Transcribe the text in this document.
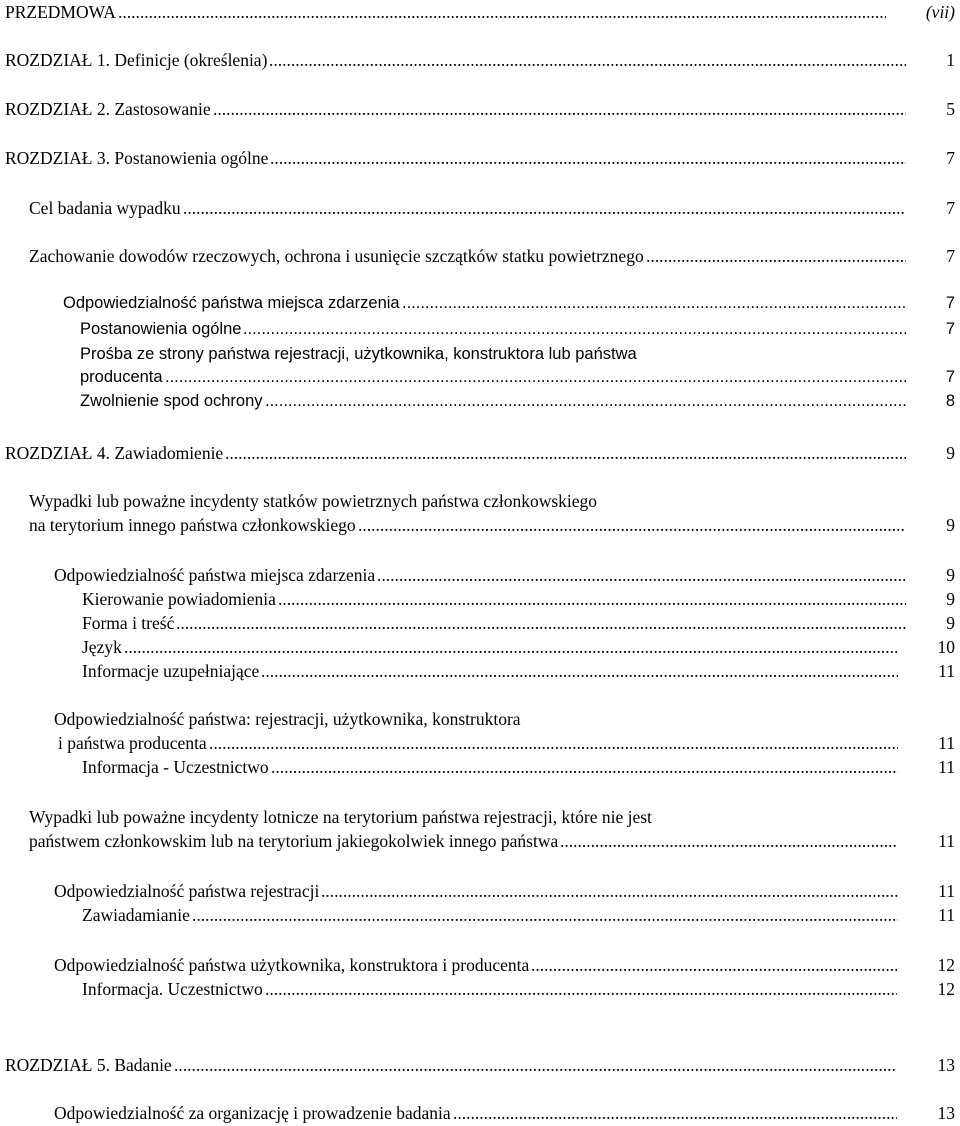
PRZEDMOWA .....	(vii)
ROZDZIAŁ 1. Definicje (określenia) .....	1
ROZDZIAŁ 2. Zastosowanie .....	5
ROZDZIAŁ 3. Postanowienia ogólne .....	7
Cel badania wypadku .....	7
Zachowanie dowodów rzeczowych, ochrona i usunięcie szczątków statku powietrznego .....	7
Odpowiedzialność państwa miejsca zdarzenia .....	7
Postanowienia ogólne .....	7
Prośba ze strony państwa rejestracji, użytkownika, konstruktora lub państwa
producenta .....	7
Zwolnienie spod ochrony .....	8
ROZDZIAŁ 4. Zawiadomienie .....	9
Wypadki lub poważne incydenty statków powietrznych państwa członkowskiego
na terytorium innego państwa członkowskiego .....	9
Odpowiedzialność państwa miejsca zdarzenia .....	9
Kierowanie powiadomienia .....	9
Forma i treść .....	9
Język .....	10
Informacje uzupełniające .....	11
Odpowiedzialność państwa: rejestracji, użytkownika, konstruktora
i państwa producenta .....	11
Informacja - Uczestnictwo .....	11
Wypadki lub poważne incydenty lotnicze na terytorium państwa rejestracji, które nie jest
państwem członkowskim lub na terytorium jakiegokolwiek innego państwa .....	11
Odpowiedzialność państwa rejestracji .....	11
Zawiadamianie .....	11
Odpowiedzialność państwa użytkownika, konstruktora i producenta .....	12
Informacja. Uczestnictwo .....	12
ROZDZIAŁ 5. Badanie .....	13
Odpowiedzialność za organizację i prowadzenie badania .....	13
